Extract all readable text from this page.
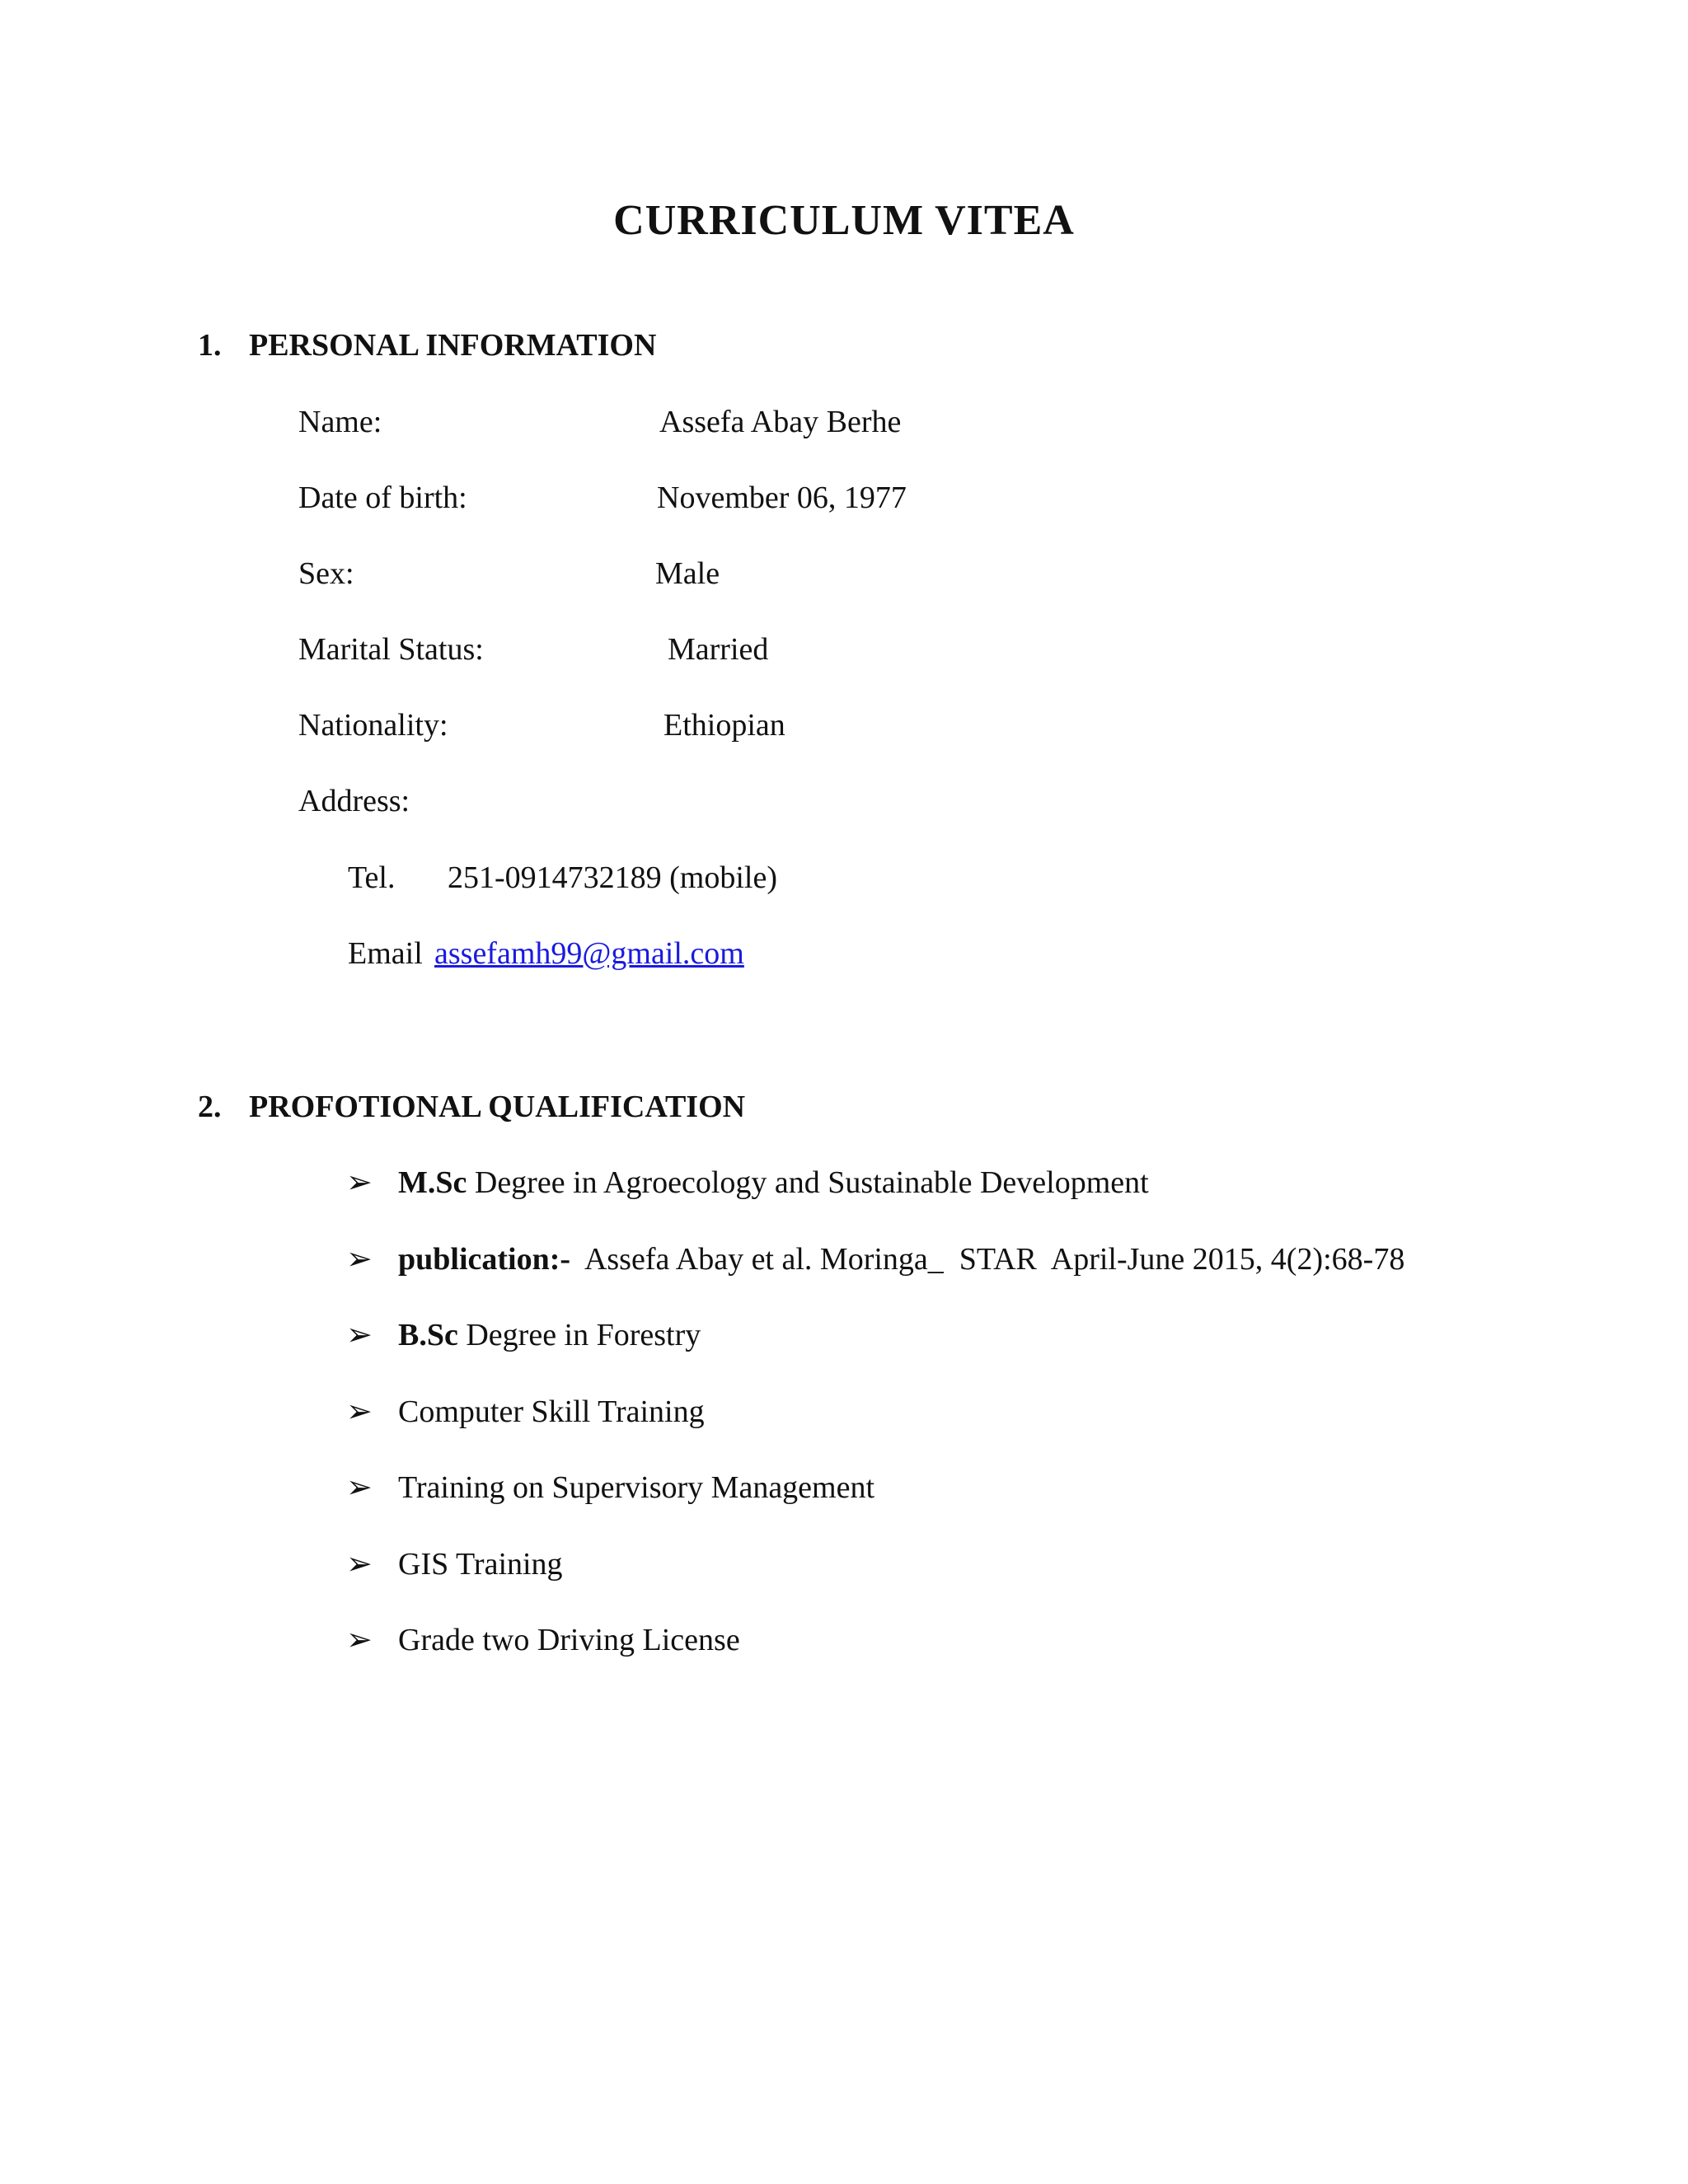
CURRICULUM VITEA
1. PERSONAL INFORMATION
Name:	Assefa Abay Berhe
Date of birth:	November 06, 1977
Sex:	Male
Marital Status:	Married
Nationality:	Ethiopian
Address:
Tel. 251-0914732189 (mobile)
Email assefamh99@gmail.com
2. PROFOTIONAL QUALIFICATION
➢ M.Sc Degree in Agroecology and Sustainable Development
➢ publication:-  Assefa Abay et al. Moringa_  STAR  April-June 2015, 4(2):68-78
➢ B.Sc Degree in Forestry
➢ Computer Skill Training
➢ Training on Supervisory Management
➢ GIS Training
➢ Grade two Driving License
